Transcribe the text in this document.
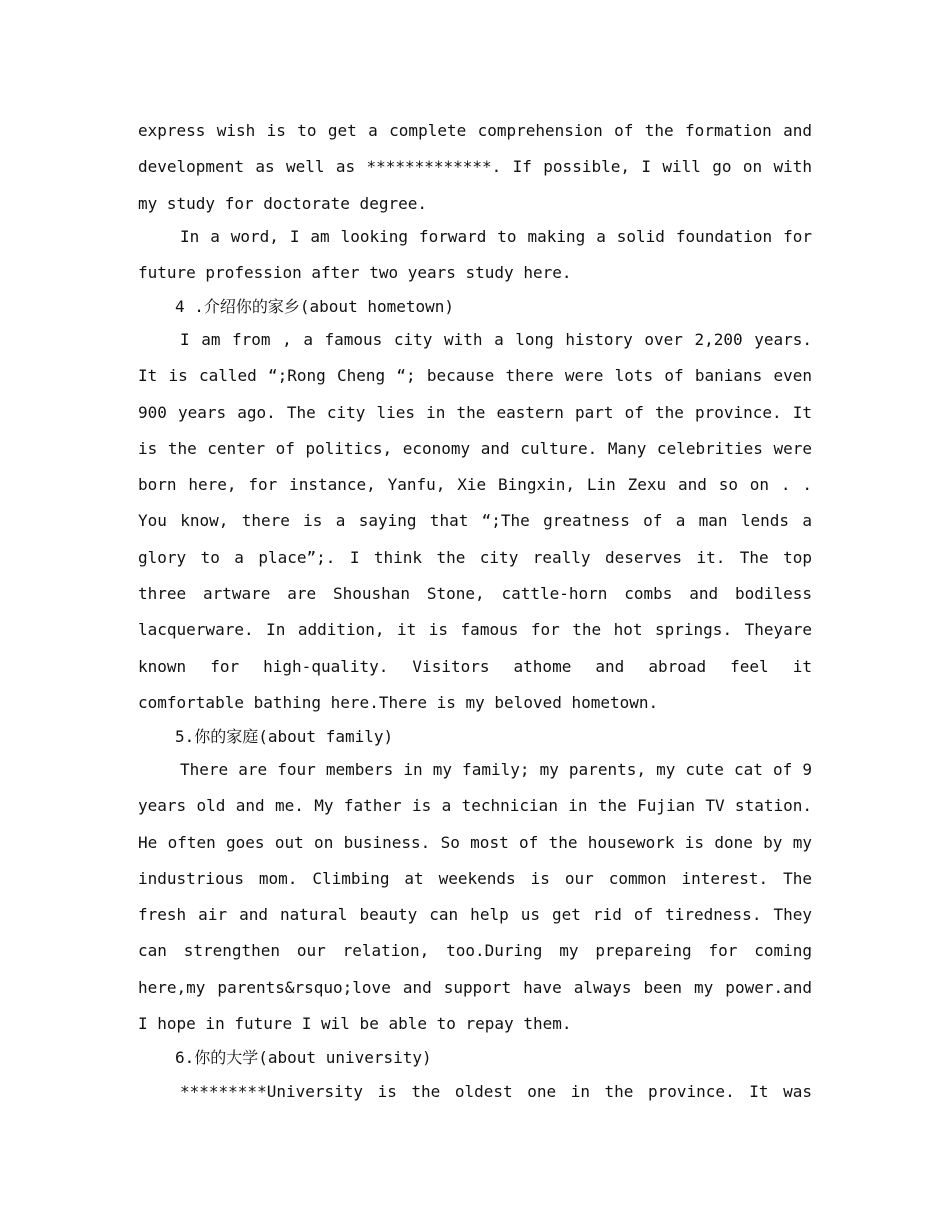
express wish is to get a complete comprehension of the formation and development as well as *************. If possible, I will go on with my study for doctorate degree.

In a word, I am looking forward to making a solid foundation for future profession after two years study here.

4 .介绍你的家乡(about hometown)

I am from , a famous city with a long history over 2,200 years. It is called “;Rong Cheng “; because there were lots of banians even 900 years ago. The city lies in the eastern part of the province. It is the center of politics, economy and culture. Many celebrities were born here, for instance, Yanfu, Xie Bingxin, Lin Zexu and so on . . You know, there is a saying that “;The greatness of a man lends a glory to a place”;. I think the city really deserves it. The top three artware are Shoushan Stone, cattle-horn combs and bodiless lacquerware. In addition, it is famous for the hot springs. Theyare known for high-quality. Visitors athome and abroad feel it comfortable bathing here.There is my beloved hometown.

5.你的家庭(about family)

There are four members in my family; my parents, my cute cat of 9 years old and me. My father is a technician in the Fujian TV station. He often goes out on business. So most of the housework is done by my industrious mom. Climbing at weekends is our common interest. The fresh air and natural beauty can help us get rid of tiredness. They can strengthen our relation, too.During my prepareing for coming here,my parents&rsquo;love and support have always been my power.and I hope in future I wil be able to repay them.

6.你的大学(about university)

*********University is the oldest one in the province. It was
